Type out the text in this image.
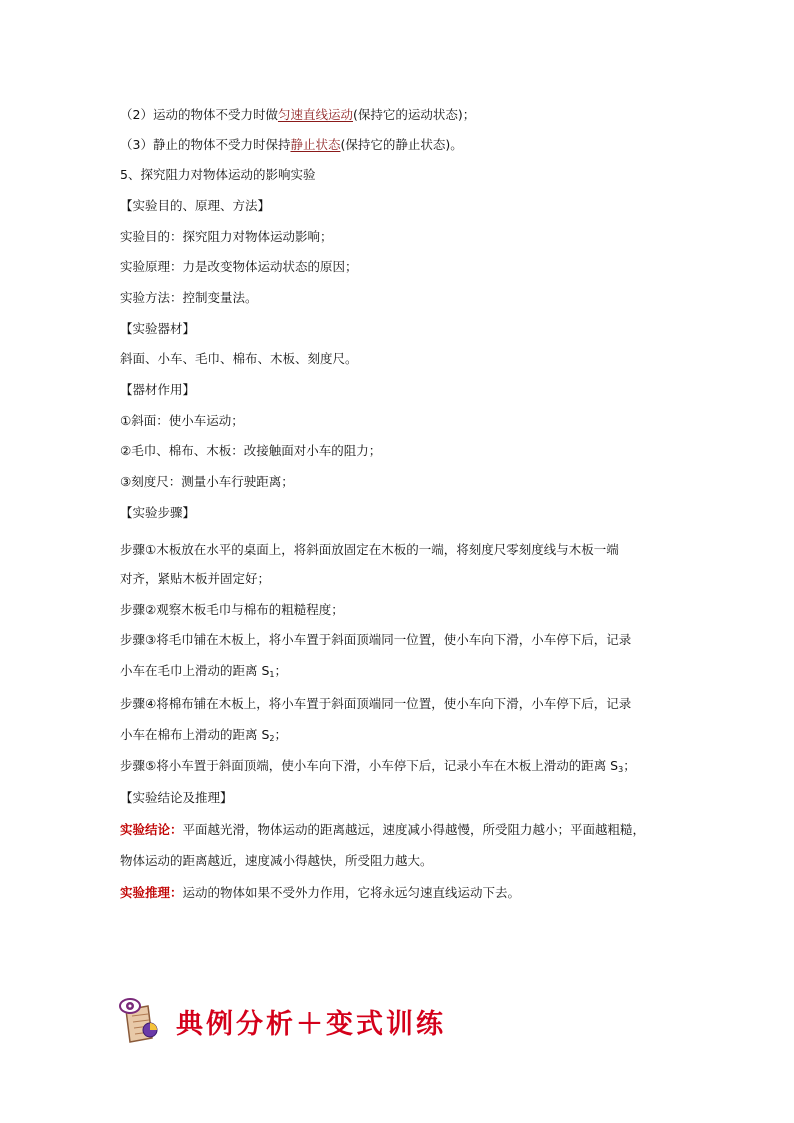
（2）运动的物体不受力时做匀速直线运动(保持它的运动状态)；
（3）静止的物体不受力时保持静止状态(保持它的静止状态)。
5、探究阻力对物体运动的影响实验
【实验目的、原理、方法】
实验目的：探究阻力对物体运动影响；
实验原理：力是改变物体运动状态的原因；
实验方法：控制变量法。
【实验器材】
斜面、小车、毛巾、棉布、木板、刻度尺。
【器材作用】
①斜面：使小车运动；
②毛巾、棉布、木板：改接触面对小车的阻力；
③刻度尺：测量小车行驶距离；
【实验步骤】
步骤①木板放在水平的桌面上，将斜面放固定在木板的一端，将刻度尺零刻度线与木板一端
对齐，紧贴木板并固定好；
步骤②观察木板毛巾与棉布的粗糙程度；
步骤③将毛巾铺在木板上，将小车置于斜面顶端同一位置，使小车向下滑，小车停下后，记录
小车在毛巾上滑动的距离 $S_1$；
步骤④将棉布铺在木板上，将小车置于斜面顶端同一位置，使小车向下滑，小车停下后，记录
小车在棉布上滑动的距离 $S_2$；
步骤⑤将小车置于斜面顶端，使小车向下滑，小车停下后，记录小车在木板上滑动的距离 $S_3$；
【实验结论及推理】
实验结论：平面越光滑，物体运动的距离越远，速度减小得越慢，所受阻力越小；平面越粗糙，
物体运动的距离越近，速度减小得越快，所受阻力越大。
实验推理：运动的物体如果不受外力作用，它将永远匀速直线运动下去。
典例分析＋变式训练
